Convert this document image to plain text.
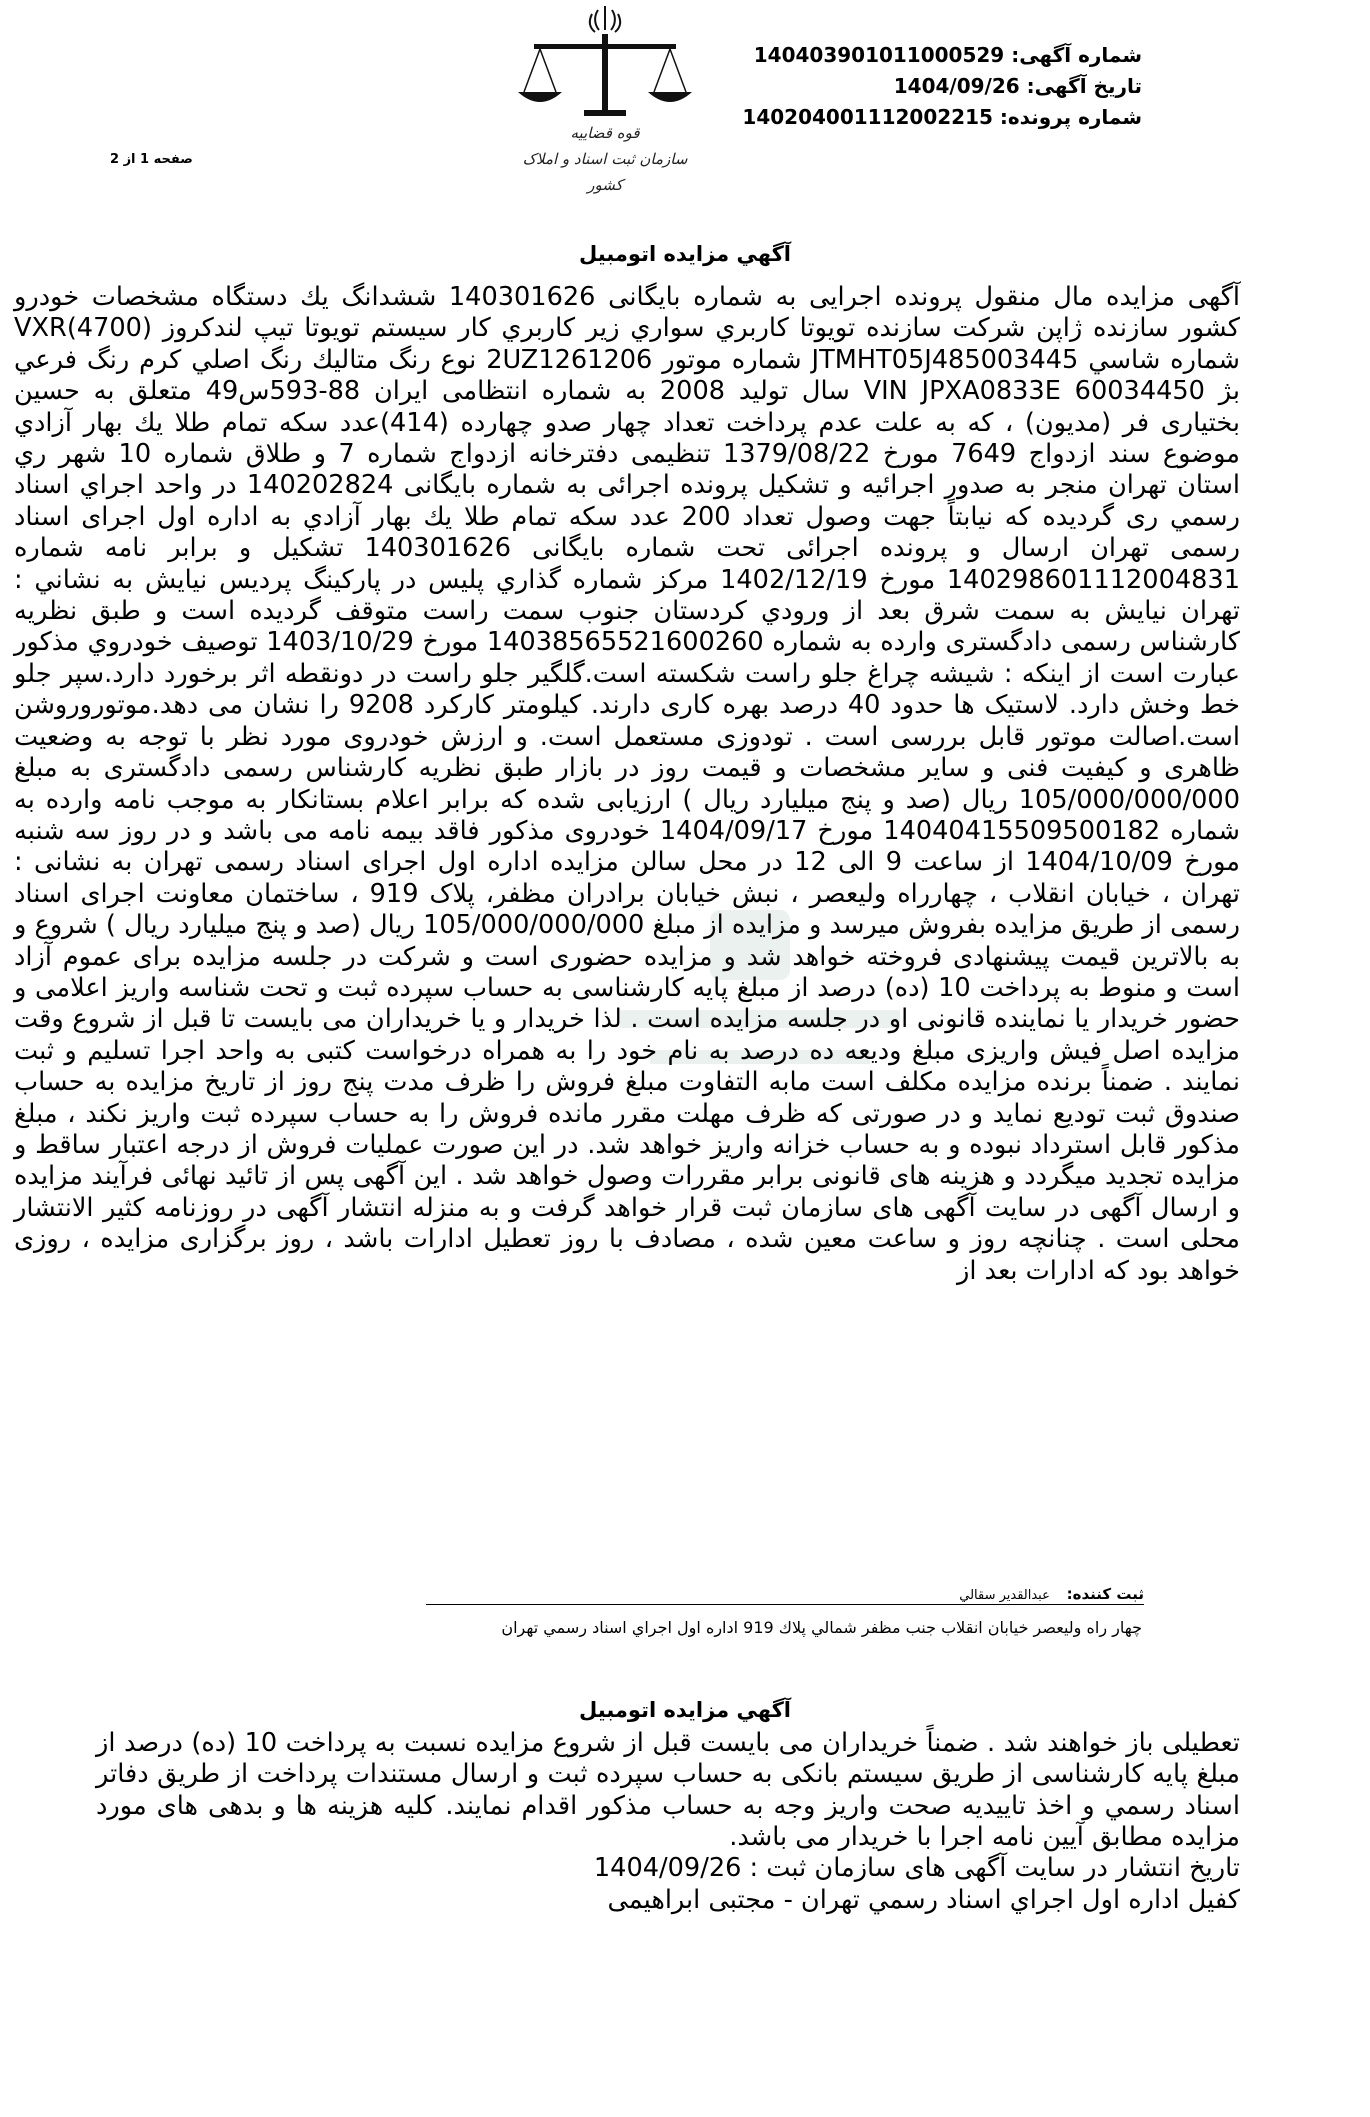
شماره آگهی: 140403901011000529
تاریخ آگهی: 1404/09/26
شماره پرونده: 140204001112002215
قوه قضاییه
سازمان ثبت اسناد و املاک کشور
صفحه 1 از 2
آگهي مزايده اتومبيل
آگهی مزایده مال منقول پرونده اجرایی به شماره بایگانی 140301626 ششدانگ يك دستگاه مشخصات خودرو كشور سازنده ژاپن شركت سازنده تويوتا كاربري سواري زير كاربري كار سيستم تويوتا تيپ لندكروز (VXR(4700 شماره شاسي JTMHT05J485003445 شماره موتور 2UZ1261206 نوع رنگ متاليك رنگ اصلي كرم رنگ فرعي بژ VIN JPXA0833E 60034450 سال توليد 2008 به شماره انتظامی ایران 88-593س49 متعلق به حسین بختیاری فر (مدیون) ، که به علت عدم پرداخت تعداد چهار صدو چهارده (414)عدد سكه تمام طلا يك بهار آزادي موضوع سند ازدواج 7649 مورخ 1379/08/22 تنظیمی دفترخانه ازدواج شماره 7 و طلاق شماره 10 شهر ري استان تهران منجر به صدور اجرائیه و تشکیل پرونده اجرائی به شماره بایگانی 140202824 در واحد اجراي اسناد رسمي ری گردیده که نیابتاً جهت وصول تعداد 200 عدد سكه تمام طلا يك بهار آزادي به اداره اول اجرای اسناد رسمی تهران ارسال و پرونده اجرائی تحت شماره بایگانی 140301626 تشکیل و برابر نامه شماره 140298601112004831 مورخ 1402/12/19 مرکز شماره گذاري پلیس در پاركينگ پرديس نيايش به نشاني : تهران نيايش به سمت شرق بعد از ورودي كردستان جنوب سمت راست متوقف گردیده است و طبق نظریه کارشناس رسمی دادگستری وارده به شماره 14038565521600260 مورخ 1403/10/29 توصیف خودروي مذكور عبارت است از اینکه : شیشه چراغ جلو راست شکسته است.گلگیر جلو راست در دونقطه اثر برخورد دارد.سپر جلو خط وخش دارد. لاستیک ها حدود 40 درصد بهره کاری دارند. کیلومتر کارکرد 9208 را نشان می دهد.موتوروروشن است.اصالت موتور قابل بررسی است . تودوزی مستعمل است. و ارزش خودروی مورد نظر با توجه به وضعیت ظاهری و کیفیت فنی و سایر مشخصات و قیمت روز در بازار طبق نظریه کارشناس رسمی دادگستری به مبلغ 105/000/000/000 ریال (صد و پنج میلیارد ریال ) ارزیابی شده که برابر اعلام بستانکار به موجب نامه وارده به شماره 14040415509500182 مورخ 1404/09/17 خودروی مذکور فاقد بیمه نامه می باشد و در روز سه شنبه مورخ 1404/10/09 از ساعت 9 الی 12 در محل سالن مزایده اداره اول اجرای اسناد رسمی تهران به نشانی : تهران ، خیابان انقلاب ، چهارراه ولیعصر ، نبش خیابان برادران مظفر، پلاک 919 ، ساختمان معاونت اجرای اسناد رسمی از طریق مزایده بفروش میرسد و مزایده از مبلغ 105/000/000/000 ریال (صد و پنج میلیارد ریال ) شروع و به بالاترین قیمت پیشنهادی فروخته خواهد شد و مزایده حضوری است و شرکت در جلسه مزایده برای عموم آزاد است و منوط به پرداخت 10 (ده) درصد از مبلغ پایه کارشناسی به حساب سپرده ثبت و تحت شناسه واریز اعلامی و حضور خریدار یا نماینده قانونی او در جلسه مزایده است . لذا خریدار و یا خریداران می بایست تا قبل از شروع وقت مزایده اصل فیش واریزی مبلغ ودیعه ده درصد به نام خود را به همراه درخواست کتبی به واحد اجرا تسلیم و ثبت نمایند . ضمناً برنده مزایده مکلف است مابه التفاوت مبلغ فروش را ظرف مدت پنج روز از تاریخ مزایده به حساب صندوق ثبت تودیع نماید و در صورتی که ظرف مهلت مقرر مانده فروش را به حساب سپرده ثبت واریز نکند ، مبلغ مذکور قابل استرداد نبوده و به حساب خزانه واریز خواهد شد. در این صورت عملیات فروش از درجه اعتبار ساقط و مزایده تجدید میگردد و هزینه های قانونی برابر مقررات وصول خواهد شد . این آگهی پس از تائید نهائی فرآیند مزایده و ارسال آگهی در سایت آگهی های سازمان ثبت قرار خواهد گرفت و به منزله انتشار آگهی در روزنامه کثیر الانتشار محلی است . چنانچه روز و ساعت معین شده ، مصادف با روز تعطیل ادارات باشد ، روز برگزاری مزایده ، روزی خواهد بود که ادارات بعد از
ثبت كننده: عبدالقدير سقالي
چهار راه وليعصر خيابان انقلاب جنب مظفر شمالي پلاك 919 اداره اول اجراي اسناد رسمي تهران
آگهي مزايده اتومبيل
تعطیلی باز خواهند شد . ضمناً خریداران می بایست قبل از شروع مزایده نسبت به پرداخت 10 (ده) درصد از مبلغ پایه کارشناسی از طریق سیستم بانکی به حساب سپرده ثبت و ارسال مستندات پرداخت از طریق دفاتر اسناد رسمي و اخذ تاییدیه صحت واریز وجه به حساب مذکور اقدام نمایند. کلیه هزینه ها و بدهی های مورد مزایده مطابق آیین نامه اجرا با خریدار می باشد.
تاریخ انتشار در سایت آگهی های سازمان ثبت : 1404/09/26
کفیل اداره اول اجراي اسناد رسمي تهران - مجتبی ابراهیمی
